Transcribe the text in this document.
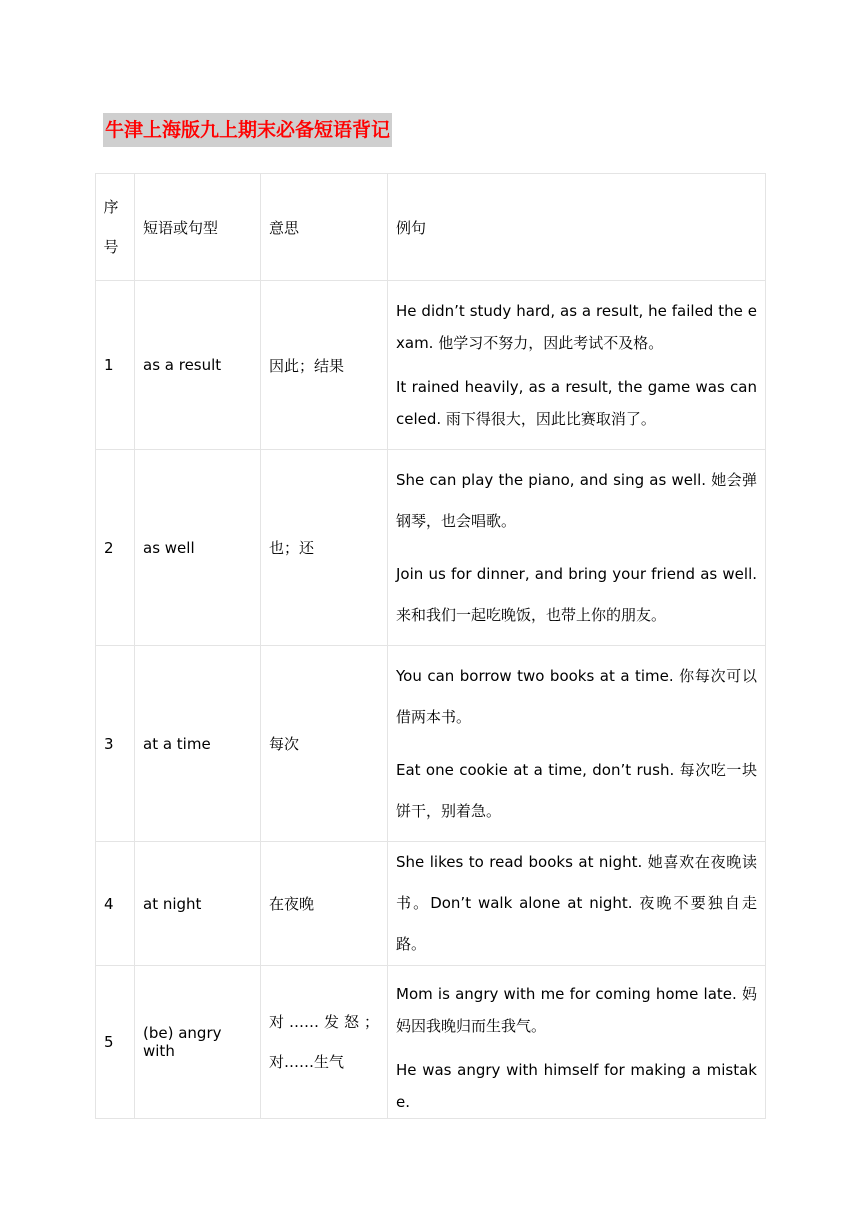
牛津上海版九上期末必备短语背记
序
号	短语或句型	意思	例句
1	as a result	因此；结果	He didn’t study hard, as a result, he failed the exam. 他学习不努力，因此考试不及格。

It rained heavily, as a result, the game was canceled. 雨下得很大，因此比赛取消了。

2	as well	也；还	She can play the piano, and sing as well. 她会弹钢琴，也会唱歌。

Join us for dinner, and bring your friend as well. 来和我们一起吃晚饭，也带上你的朋友。

3	at a time	每次	You can borrow two books at a time. 你每次可以借两本书。

Eat one cookie at a time, don’t rush. 每次吃一块饼干，别着急。

4	at night	在夜晚	She likes to read books at night. 她喜欢在夜晚读书。Don’t walk alone at night. 夜晚不要独自走路。

5	(be) angry with	对……发怒；对……生气	Mom is angry with me for coming home late. 妈妈因我晚归而生我气。

He was angry with himself for making a mistake.
